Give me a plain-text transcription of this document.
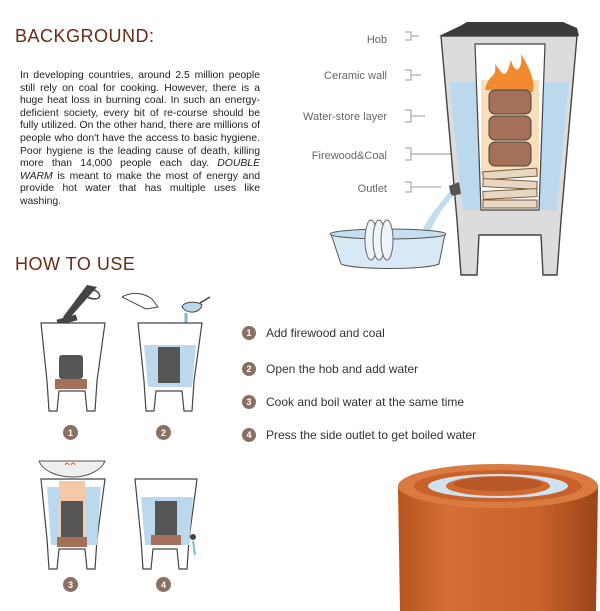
BACKGROUND:

In developing countries, around 2.5 million people still rely on coal for cooking. However, there is a huge heat loss in burning coal. In such an energy-deficient society, every bit of re-course should be fully utilized. On the other hand, there are millions of people who don't have the access to basic hygiene. Poor hygiene is the leading cause of death, killing more than 14,000 people each day. DOUBLE WARM is meant to make the most of energy and provide hot water that has multiple uses like washing.

Hob
Ceramic wall
Water-store layer
Firewood&Coal
Outlet
HOW TO USE
1	2
3	4
1	Add firewood and coal
2	Open the hob and add water
3	Cook and boil water at the same time
4	Press the side outlet to get boiled water
